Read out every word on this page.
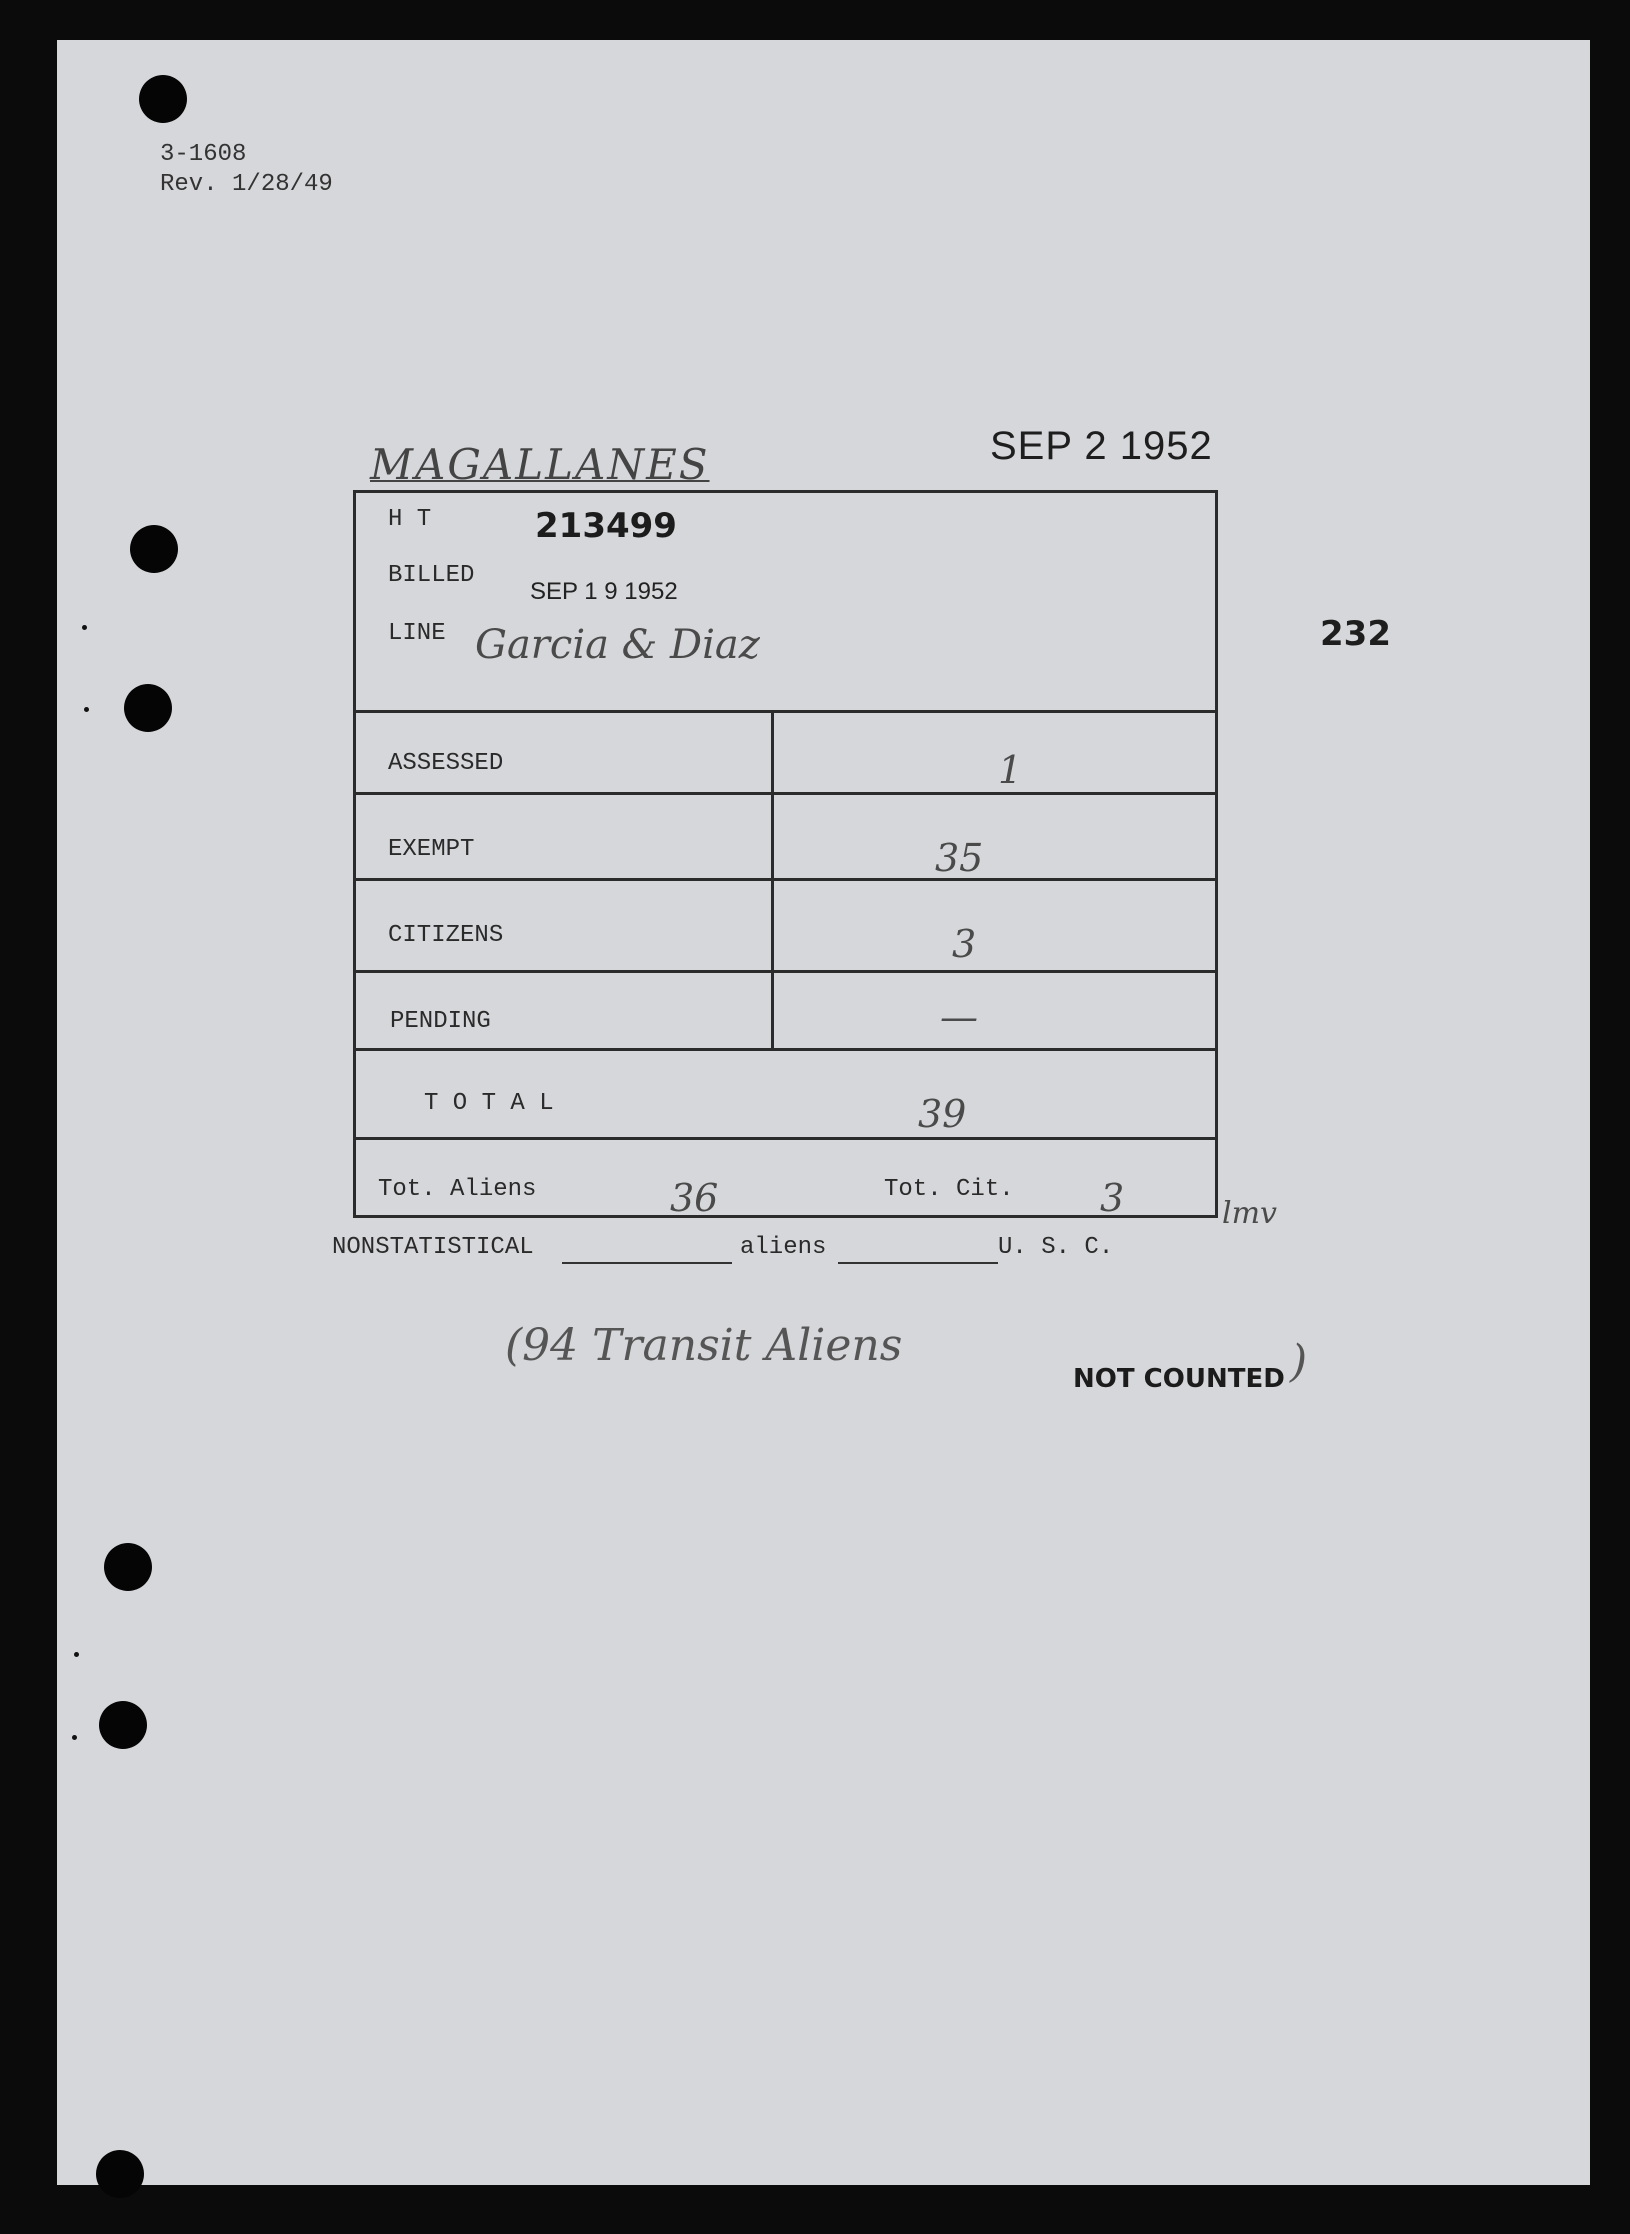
3-1608
Rev. 1/28/49
SEP 2 1952
232
MAGALLANES
H T	213499
BILLED
SEP 1 9 1952
LINE Garcia & Diaz
ASSESSED	1
EXEMPT	35
CITIZENS	3
PENDING	—
T O T A L	39
Tot. Aliens	36	Tot. Cit. 3	lmv
NONSTATISTICAL	aliens	U. S. C.
(94 Transit Aliens
NOT COUNTED )
